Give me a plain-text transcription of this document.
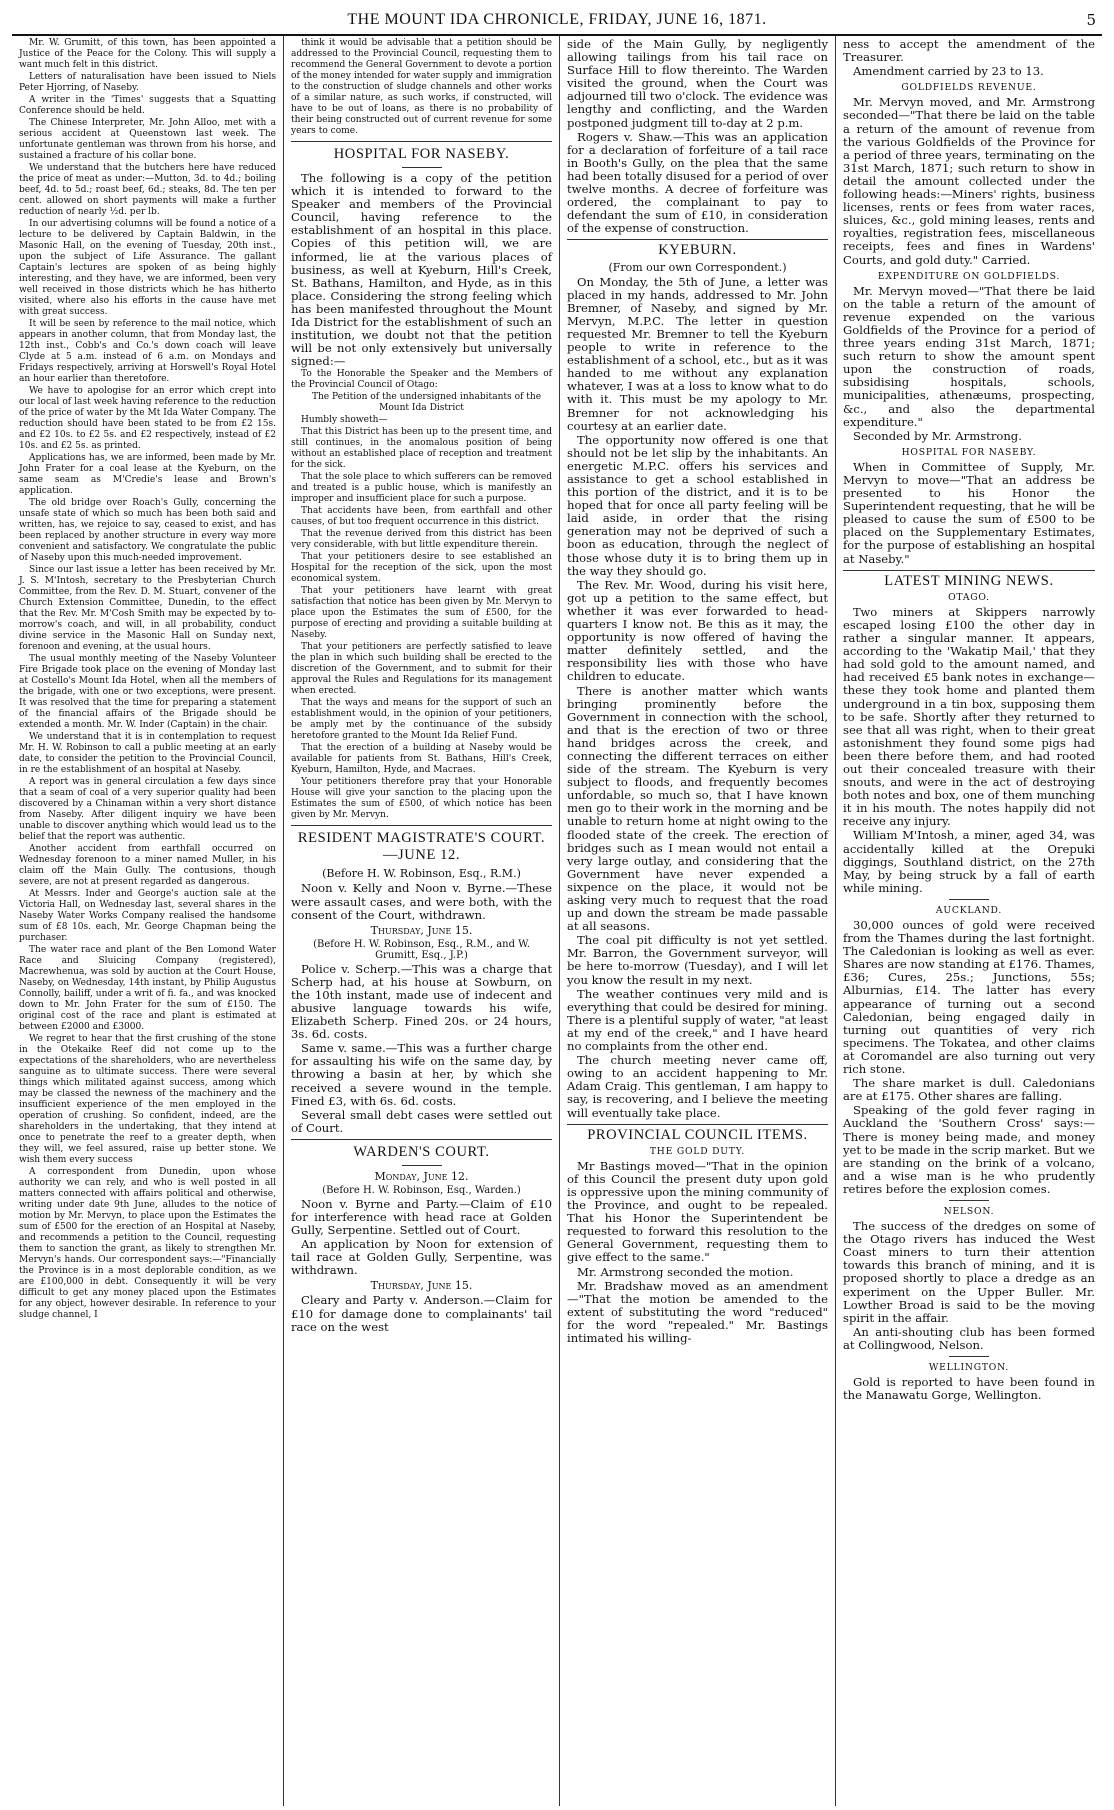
THE MOUNT IDA CHRONICLE, FRIDAY, JUNE 16, 1871.	5

Mr. W. Grumitt, of this town, has been appointed a Justice of the Peace for the Colony. This will supply a want much felt in this district.

Letters of naturalisation have been issued to Niels Peter Hjorring, of Naseby.

A writer in the 'Times' suggests that a Squatting Conference should be held.

The Chinese Interpreter, Mr. John Alloo, met with a serious accident at Queenstown last week. The unfortunate gentleman was thrown from his horse, and sustained a fracture of his collar bone.

We understand that the butchers here have reduced the price of meat as under:—Mutton, 3d. to 4d.; boiling beef, 4d. to 5d.; roast beef, 6d.; steaks, 8d. The ten per cent. allowed on short payments will make a further reduction of nearly ½d. per lb.

In our advertising columns will be found a notice of a lecture to be delivered by Captain Baldwin, in the Masonic Hall, on the evening of Tuesday, 20th inst., upon the subject of Life Assurance. The gallant Captain's lectures are spoken of as being highly interesting, and they have, we are informed, been very well received in those districts which he has hitherto visited, where also his efforts in the cause have met with great success.

It will be seen by reference to the mail notice, which appears in another column, that from Monday last, the 12th inst., Cobb's and Co.'s down coach will leave Clyde at 5 a.m. instead of 6 a.m. on Mondays and Fridays respectively, arriving at Horswell's Royal Hotel an hour earlier than theretofore.

We have to apologise for an error which crept into our local of last week having reference to the reduction of the price of water by the Mt Ida Water Company. The reduction should have been stated to be from £2 15s. and £2 10s. to £2 5s. and £2 respectively, instead of £2 10s. and £2 5s. as printed.

Applications has, we are informed, been made by Mr. John Frater for a coal lease at the Kyeburn, on the same seam as M'Credie's lease and Brown's application.

The old bridge over Roach's Gully, concerning the unsafe state of which so much has been both said and written, has, we rejoice to say, ceased to exist, and has been replaced by another structure in every way more convenient and satisfactory. We congratulate the public of Naseby upon this much-needed improvement.

Since our last issue a letter has been received by Mr. J. S. M'Intosh, secretary to the Presbyterian Church Committee, from the Rev. D. M. Stuart, convener of the Church Extension Committee, Dunedin, to the effect that the Rev. Mr. M'Cosh Smith may be expected by to-morrow's coach, and will, in all probability, conduct divine service in the Masonic Hall on Sunday next, forenoon and evening, at the usual hours.

The usual monthly meeting of the Naseby Volunteer Fire Brigade took place on the evening of Monday last at Costello's Mount Ida Hotel, when all the members of the brigade, with one or two exceptions, were present. It was resolved that the time for preparing a statement of the financial affairs of the Brigade should be extended a month. Mr. W. Inder (Captain) in the chair.

We understand that it is in contemplation to request Mr. H. W. Robinson to call a public meeting at an early date, to consider the petition to the Provincial Council, in re the establishment of an hospital at Naseby.

A report was in general circulation a few days since that a seam of coal of a very superior quality had been discovered by a Chinaman within a very short distance from Naseby. After diligent inquiry we have been unable to discover anything which would lead us to the belief that the report was authentic.

Another accident from earthfall occurred on Wednesday forenoon to a miner named Muller, in his claim off the Main Gully. The contusions, though severe, are not at present regarded as dangerous.

At Messrs. Inder and George's auction sale at the Victoria Hall, on Wednesday last, several shares in the Naseby Water Works Company realised the handsome sum of £8 10s. each, Mr. George Chapman being the purchaser.

The water race and plant of the Ben Lomond Water Race and Sluicing Company (registered), Macrewhenua, was sold by auction at the Court House, Naseby, on Wednesday, 14th instant, by Philip Augustus Connolly, bailiff, under a writ of fi. fa., and was knocked down to Mr. John Frater for the sum of £150. The original cost of the race and plant is estimated at between £2000 and £3000.

We regret to hear that the first crushing of the stone in the Otekaike Reef did not come up to the expectations of the shareholders, who are nevertheless sanguine as to ultimate success. There were several things which militated against success, among which may be classed the newness of the machinery and the insufficient experience of the men employed in the operation of crushing. So confident, indeed, are the shareholders in the undertaking, that they intend at once to penetrate the reef to a greater depth, when they will, we feel assured, raise up better stone. We wish them every success

A correspondent from Dunedin, upon whose authority we can rely, and who is well posted in all matters connected with affairs political and otherwise, writing under date 9th June, alludes to the notice of motion by Mr. Mervyn, to place upon the Estimates the sum of £500 for the erection of an Hospital at Naseby, and recommends a petition to the Council, requesting them to sanction the grant, as likely to strengthen Mr. Mervyn's hands. Our correspondent says:—"Financially the Province is in a most deplorable condition, as we are £100,000 in debt. Consequently it will be very difficult to get any money placed upon the Estimates for any object, however desirable. In reference to your sludge channel, I

think it would be advisable that a petition should be addressed to the Provincial Council, requesting them to recommend the General Government to devote a portion of the money intended for water supply and immigration to the construction of sludge channels and other works of a similar nature, as such works, if constructed, will have to be out of loans, as there is no probability of their being constructed out of current revenue for some years to come.

HOSPITAL FOR NASEBY.

The following is a copy of the petition which it is intended to forward to the Speaker and members of the Provincial Council, having reference to the establishment of an hospital in this place. Copies of this petition will, we are informed, lie at the various places of business, as well at Kyeburn, Hill's Creek, St. Bathans, Hamilton, and Hyde, as in this place. Considering the strong feeling which has been manifested throughout the Mount Ida District for the establishment of such an institution, we doubt not that the petition will be not only extensively but universally signed:—

To the Honorable the Speaker and the Members of the Provincial Council of Otago:

The Petition of the undersigned inhabitants of the Mount Ida District

Humbly showeth—

That this District has been up to the present time, and still continues, in the anomalous position of being without an established place of reception and treatment for the sick.

That the sole place to which sufferers can be removed and treated is a public house, which is manifestly an improper and insufficient place for such a purpose.

That accidents have been, from earthfall and other causes, of but too frequent occurrence in this district.

That the revenue derived from this district has been very considerable, with but little expenditure therein.

That your petitioners desire to see established an Hospital for the reception of the sick, upon the most economical system.

That your petitioners have learnt with great satisfaction that notice has been given by Mr. Mervyn to place upon the Estimates the sum of £500, for the purpose of erecting and providing a suitable building at Naseby.

That your petitioners are perfectly satisfied to leave the plan in which such building shall be erected to the discretion of the Government, and to submit for their approval the Rules and Regulations for its management when erected.

That the ways and means for the support of such an establishment would, in the opinion of your petitioners, be amply met by the continuance of the subsidy heretofore granted to the Mount Ida Relief Fund.

That the erection of a building at Naseby would be available for patients from St. Bathans, Hill's Creek, Kyeburn, Hamilton, Hyde, and Macraes.

Your petitioners therefore pray that your Honorable House will give your sanction to the placing upon the Estimates the sum of £500, of which notice has been given by Mr. Mervyn.

RESIDENT MAGISTRATE'S COURT.—JUNE 12.
(Before H. W. Robinson, Esq., R.M.)

Noon v. Kelly and Noon v. Byrne.—These were assault cases, and were both, with the consent of the Court, withdrawn.

Thursday, June 15.
(Before H. W. Robinson, Esq., R.M., and W. Grumitt, Esq., J.P.)

Police v. Scherp.—This was a charge that Scherp had, at his house at Sowburn, on the 10th instant, made use of indecent and abusive language towards his wife, Elizabeth Scherp. Fined 20s. or 24 hours, 3s. 6d. costs.

Same v. same.—This was a further charge for assaulting his wife on the same day, by throwing a basin at her, by which she received a severe wound in the temple. Fined £3, with 6s. 6d. costs.

Several small debt cases were settled out of Court.

WARDEN'S COURT.
Monday, June 12.
(Before H. W. Robinson, Esq., Warden.)

Noon v. Byrne and Party.—Claim of £10 for interference with head race at Golden Gully, Serpentine. Settled out of Court.

An application by Noon for extension of tail race at Golden Gully, Serpentine, was withdrawn.

Thursday, June 15.

Cleary and Party v. Anderson.—Claim for £10 for damage done to complainants' tail race on the west

side of the Main Gully, by negligently allowing tailings from his tail race on Surface Hill to flow thereinto. The Warden visited the ground, when the Court was adjourned till two o'clock. The evidence was lengthy and conflicting, and the Warden postponed judgment till to-day at 2 p.m.

Rogers v. Shaw.—This was an application for a declaration of forfeiture of a tail race in Booth's Gully, on the plea that the same had been totally disused for a period of over twelve months. A decree of forfeiture was ordered, the complainant to pay to defendant the sum of £10, in consideration of the expense of construction.

KYEBURN.
(From our own Correspondent.)

On Monday, the 5th of June, a letter was placed in my hands, addressed to Mr. John Bremner, of Naseby, and signed by Mr. Mervyn, M.P.C. The letter in question requested Mr. Bremner to tell the Kyeburn people to write in reference to the establishment of a school, etc., but as it was handed to me without any explanation whatever, I was at a loss to know what to do with it. This must be my apology to Mr. Bremner for not acknowledging his courtesy at an earlier date.

The opportunity now offered is one that should not be let slip by the inhabitants. An energetic M.P.C. offers his services and assistance to get a school established in this portion of the district, and it is to be hoped that for once all party feeling will be laid aside, in order that the rising generation may not be deprived of such a boon as education, through the neglect of those whose duty it is to bring them up in the way they should go.

The Rev. Mr. Wood, during his visit here, got up a petition to the same effect, but whether it was ever forwarded to head-quarters I know not. Be this as it may, the opportunity is now offered of having the matter definitely settled, and the responsibility lies with those who have children to educate.

There is another matter which wants bringing prominently before the Government in connection with the school, and that is the erection of two or three hand bridges across the creek, and connecting the different terraces on either side of the stream. The Kyeburn is very subject to floods, and frequently becomes unfordable, so much so, that I have known men go to their work in the morning and be unable to return home at night owing to the flooded state of the creek. The erection of bridges such as I mean would not entail a very large outlay, and considering that the Government have never expended a sixpence on the place, it would not be asking very much to request that the road up and down the stream be made passable at all seasons.

The coal pit difficulty is not yet settled. Mr. Barron, the Government surveyor, will be here to-morrow (Tuesday), and I will let you know the result in my next.

The weather continues very mild and is everything that could be desired for mining. There is a plentiful supply of water, "at least at my end of the creek," and I have heard no complaints from the other end.

The church meeting never came off, owing to an accident happening to Mr. Adam Craig. This gentleman, I am happy to say, is recovering, and I believe the meeting will eventually take place.

PROVINCIAL COUNCIL ITEMS.
THE GOLD DUTY.

Mr Bastings moved—"That in the opinion of this Council the present duty upon gold is oppressive upon the mining community of the Province, and ought to be repealed. That his Honor the Superintendent be requested to forward this resolution to the General Government, requesting them to give effect to the same."

Mr. Armstrong seconded the motion.

Mr. Bradshaw moved as an amendment—"That the motion be amended to the extent of substituting the word "reduced" for the word "repealed." Mr. Bastings intimated his willing-

ness to accept the amendment of the Treasurer.

Amendment carried by 23 to 13.

GOLDFIELDS REVENUE.

Mr. Mervyn moved, and Mr. Armstrong seconded—"That there be laid on the table a return of the amount of revenue from the various Goldfields of the Province for a period of three years, terminating on the 31st March, 1871; such return to show in detail the amount collected under the following heads:—Miners' rights, business licenses, rents or fees from water races, sluices, &c., gold mining leases, rents and royalties, registration fees, miscellaneous receipts, fees and fines in Wardens' Courts, and gold duty." Carried.

EXPENDITURE ON GOLDFIELDS.

Mr. Mervyn moved—"That there be laid on the table a return of the amount of revenue expended on the various Goldfields of the Province for a period of three years ending 31st March, 1871; such return to show the amount spent upon the construction of roads, subsidising hospitals, schools, municipalities, athenæums, prospecting, &c., and also the departmental expenditure."

Seconded by Mr. Armstrong.

HOSPITAL FOR NASEBY.

When in Committee of Supply, Mr. Mervyn to move—"That an address be presented to his Honor the Superintendent requesting, that he will be pleased to cause the sum of £500 to be placed on the Supplementary Estimates, for the purpose of establishing an hospital at Naseby."

LATEST MINING NEWS.
OTAGO.

Two miners at Skippers narrowly escaped losing £100 the other day in rather a singular manner. It appears, according to the 'Wakatip Mail,' that they had sold gold to the amount named, and had received £5 bank notes in exchange—these they took home and planted them underground in a tin box, supposing them to be safe. Shortly after they returned to see that all was right, when to their great astonishment they found some pigs had been there before them, and had rooted out their concealed treasure with their snouts, and were in the act of destroying both notes and box, one of them munching it in his mouth. The notes happily did not receive any injury.

William M'Intosh, a miner, aged 34, was accidentally killed at the Orepuki diggings, Southland district, on the 27th May, by being struck by a fall of earth while mining.

AUCKLAND.

30,000 ounces of gold were received from the Thames during the last fortnight. The Caledonian is looking as well as ever. Shares are now standing at £176. Thames, £36; Cures, 25s.; Junctions, 55s; Alburnias, £14. The latter has every appearance of turning out a second Caledonian, being engaged daily in turning out quantities of very rich specimens. The Tokatea, and other claims at Coromandel are also turning out very rich stone.

The share market is dull. Caledonians are at £175. Other shares are falling.

Speaking of the gold fever raging in Auckland the 'Southern Cross' says:—There is money being made, and money yet to be made in the scrip market. But we are standing on the brink of a volcano, and a wise man is he who prudently retires before the explosion comes.

NELSON.

The success of the dredges on some of the Otago rivers has induced the West Coast miners to turn their attention towards this branch of mining, and it is proposed shortly to place a dredge as an experiment on the Upper Buller. Mr. Lowther Broad is said to be the moving spirit in the affair.

An anti-shouting club has been formed at Collingwood, Nelson.

WELLINGTON.

Gold is reported to have been found in the Manawatu Gorge, Wellington.
